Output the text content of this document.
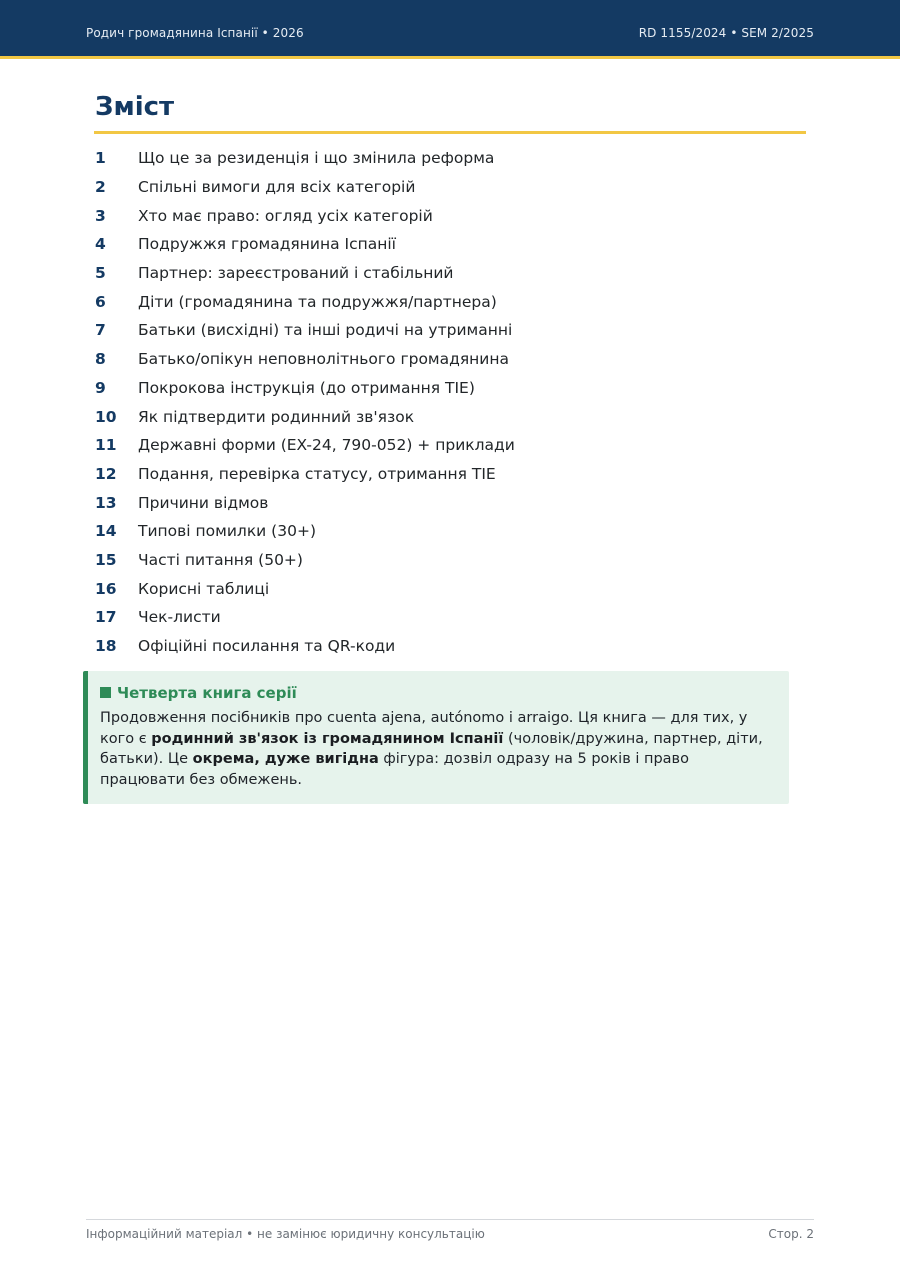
Родич громадянина Іспанії • 2026	RD 1155/2024 • SEM 2/2025
Зміст
1	Що це за резиденція і що змінила реформа
2	Спільні вимоги для всіх категорій
3	Хто має право: огляд усіх категорій
4	Подружжя громадянина Іспанії
5	Партнер: зареєстрований і стабільний
6	Діти (громадянина та подружжя/партнера)
7	Батьки (висхідні) та інші родичі на утриманні
8	Батько/опікун неповнолітнього громадянина
9	Покрокова інструкція (до отримання TIE)
10	Як підтвердити родинний зв'язок
11	Державні форми (EX-24, 790-052) + приклади
12	Подання, перевірка статусу, отримання TIE
13	Причини відмов
14	Типові помилки (30+)
15	Часті питання (50+)
16	Корисні таблиці
17	Чек-листи
18	Офіційні посилання та QR-коди
Четверта книга серії
Продовження посібників про cuenta ajena, autónomo і arraigo. Ця книга — для тих, у кого є родинний зв'язок із громадянином Іспанії (чоловік/дружина, партнер, діти, батьки). Це окрема, дуже вигідна фігура: дозвіл одразу на 5 років і право працювати без обмежень.
Інформаційний матеріал • не замінює юридичну консультацію	Стор. 2
